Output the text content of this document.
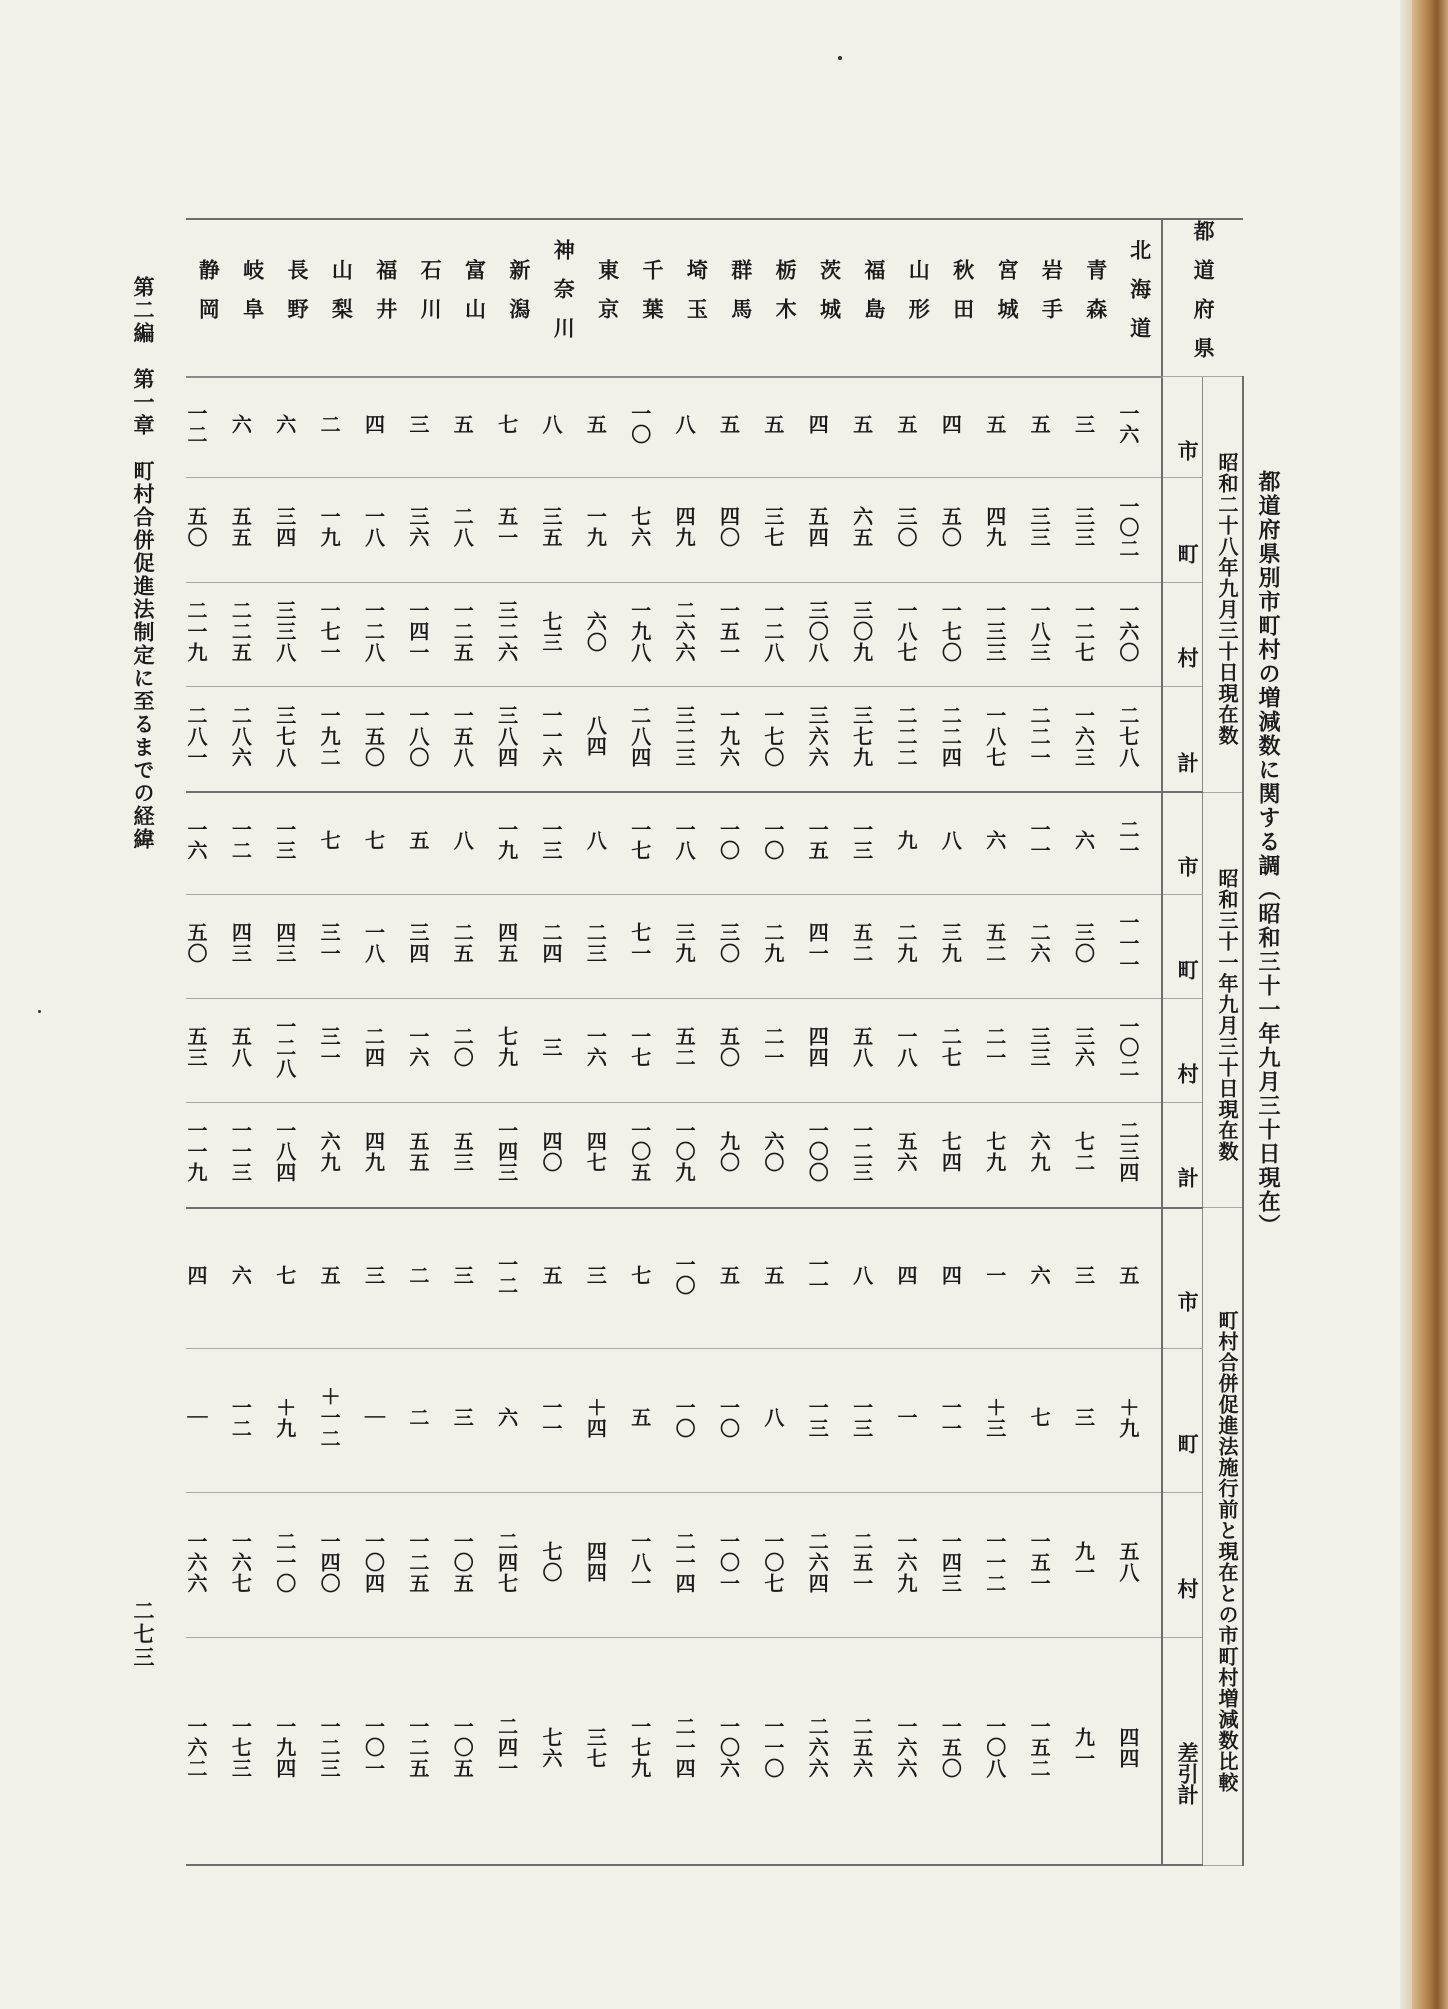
第二編　第一章　町村合併促進法制定に至るまでの経緯
二七三
都道府県別市町村の増減数に関する調（昭和三十一年九月三十日現在）
静岡	岐阜	長野	山梨	福井	石川	富山	新潟	神奈川	東京	千葉	埼玉	群馬	栃木	茨城	福島	山形	秋田	宮城	岩手	青森	北海道	都道府県	
一二	六	六	二	四	三	五	七	八	五	一〇	八	五	五	四	五	五	四	五	五	三	一六	市	昭和二十八年九月三十日現在数
五〇	五五	三四	一九	一八	三六	二八	五一	三五	一九	七六	四九	四〇	三七	五四	六五	三〇	五〇	四九	三三	三三	一〇二	町	
二一九	二二五	三三八	一七一	一二八	一四一	一二五	三二六	七三	六〇	一九八	二六六	一五一	一二八	三〇八	三〇九	一八七	一七〇	一三三	一八三	一二七	一六〇	村	
二八一	二八六	三七八	一九二	一五〇	一八〇	一五八	三八四	一一六	八四	二八四	三二三	一九六	一七〇	三六六	三七九	二二二	二二四	一八七	二二一	一六三	二七八	計	
一六	一二	一三	七	七	五	八	一九	一三	八	一七	一八	一〇	一〇	一五	一三	九	八	六	一一	六	二一	市	昭和三十一年九月三十日現在数
五〇	四三	四三	三一	一八	三四	二五	四五	二四	二三	七一	三九	三〇	二九	四一	五二	二九	三九	五二	二六	三〇	一一一	町	
五三	五八	一二八	三一	二四	一六	二〇	七九	三	一六	一七	五二	五〇	二一	四四	五八	一八	二七	二一	三三	三六	一〇二	村	
一一九	一一三	一八四	六九	四九	五五	五三	一四三	四〇	四七	一〇五	一〇九	九〇	六〇	一〇〇	一二三	五六	七四	七九	六九	七二	二三四	計	
四	六	七	五	三	二	三	一二	五	三	七	一〇	五	五	一一	八	四	四	一	六	三	五	市	町村合併促進法施行前と現在との市町村増減数比較
｜	一二	＋九	＋一二	｜	二	三	六	一一	＋四	五	一〇	一〇	八	一三	一三	一	一一	＋三	七	三	＋九	町	
一六六	一六七	二一〇	一四〇	一〇四	一二五	一〇五	二四七	七〇	四四	一八一	二一四	一〇一	一〇七	二六四	二五一	一六九	一四三	一一二	一五一	九一	五八	村	
一六二	一七三	一九四	一二三	一〇一	一二五	一〇五	二四一	七六	三七	一七九	二一四	一〇六	一一〇	二六六	二五六	一六六	一五〇	一〇八	一五二	九一	四四	差引計	
